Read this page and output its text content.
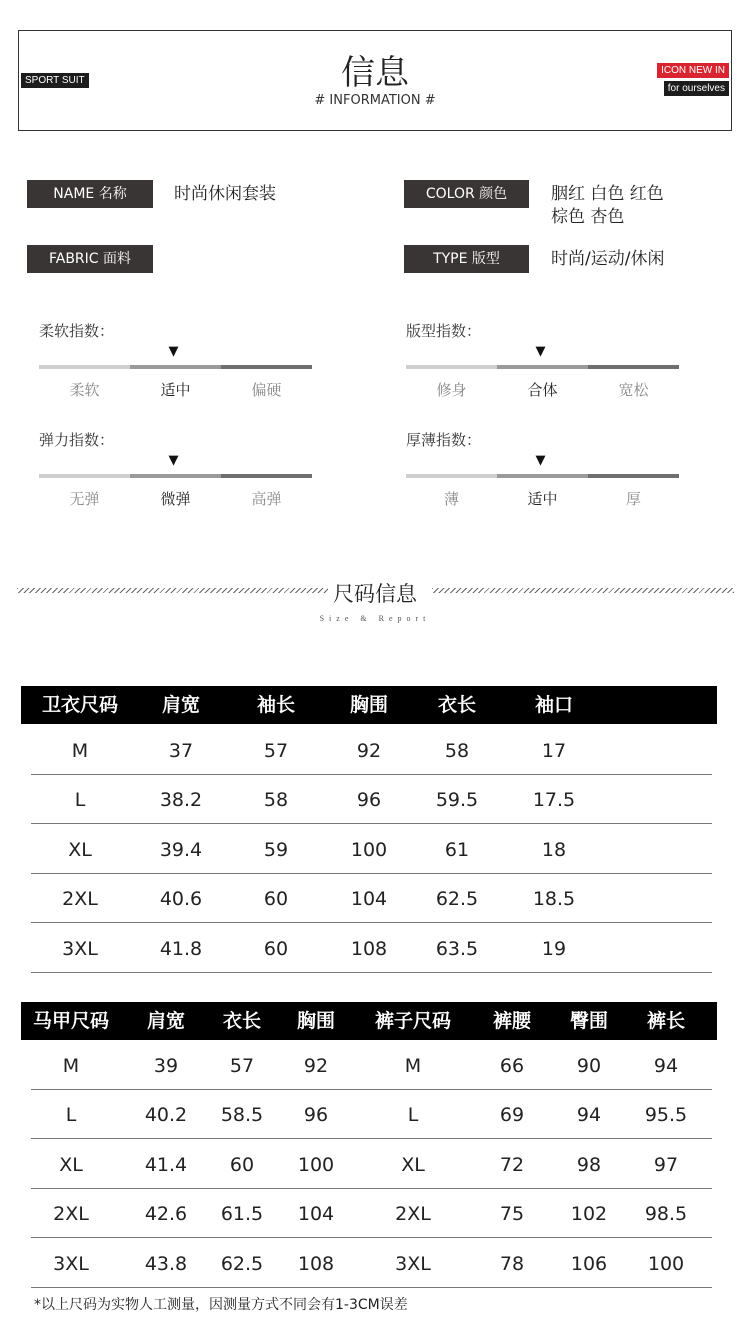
SPORT SUIT	信息
# INFORMATION #
ICON NEW IN
for ourselves
NAME 名称	时尚休闲套装	COLOR 颜色	胭红 白色 红色
棕色 杏色
FABRIC 面料	TYPE 版型	时尚/运动/休闲
柔软指数：
▼
柔软	适中	偏硬
版型指数：
▼
修身	合体	宽松
弹力指数：
▼
无弹	微弹	高弹
厚薄指数：
▼
薄	适中	厚
尺码信息
Size & Report
卫衣尺码 肩宽	袖长	胸围	衣长	袖口
M	37	57	92	58	17
L	38.2	58	96	59.5	17.5
XL	39.4	59	100	61	18
2XL	40.6	60	104	62.5	18.5
3XL	41.8	60	108	63.5	19
马甲尺码 肩宽 衣长 胸围 裤子尺码 裤腰 臀围 裤长
M	39	57	92	M	66	90	94
L	40.2 58.5 96	L	69	94 95.5
XL	41.4 60 100	XL	72	98	97
2XL	42.6 61.5 104	2XL	75 102 98.5
3XL	43.8 62.5 108	3XL	78 106 100
*以上尺码为实物人工测量，因测量方式不同会有1-3CM误差
